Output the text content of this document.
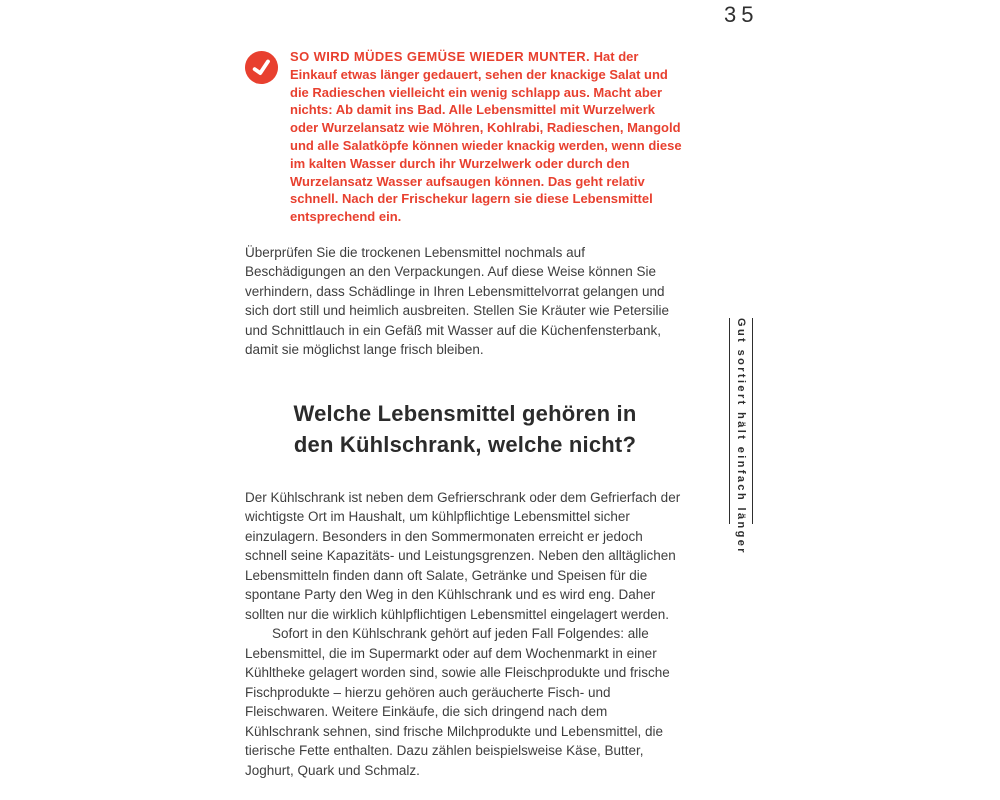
35

SO WIRD MÜDES GEMÜSE WIEDER MUNTER. Hat der Einkauf etwas länger gedauert, sehen der knackige Salat und die Radieschen vielleicht ein wenig schlapp aus. Macht aber nichts: Ab damit ins Bad. Alle Lebensmittel mit Wurzelwerk oder Wurzelansatz wie Möhren, Kohlrabi, Radieschen, Mangold und alle Salatköpfe können wieder knackig werden, wenn diese im kalten Wasser durch ihr Wurzelwerk oder durch den Wurzelansatz Wasser aufsaugen können. Das geht relativ schnell. Nach der Frischekur lagern sie diese Lebensmittel entsprechend ein.

Überprüfen Sie die trockenen Lebensmittel nochmals auf Beschädigungen an den Verpackungen. Auf diese Weise können Sie verhindern, dass Schädlinge in Ihren Lebensmittelvorrat gelangen und sich dort still und heimlich ausbreiten. Stellen Sie Kräuter wie Petersilie und Schnittlauch in ein Gefäß mit Wasser auf die Küchenfensterbank, damit sie möglichst lange frisch bleiben.

Welche Lebensmittel gehören in
den Kühlschrank, welche nicht?

Der Kühlschrank ist neben dem Gefrierschrank oder dem Gefrierfach der wichtigste Ort im Haushalt, um kühlpflichtige Lebensmittel sicher einzulagern. Besonders in den Sommermonaten erreicht er jedoch schnell seine Kapazitäts- und Leistungsgrenzen. Neben den alltäglichen Lebensmitteln finden dann oft Salate, Getränke und Speisen für die spontane Party den Weg in den Kühlschrank und es wird eng. Daher sollten nur die wirklich kühlpflichtigen Lebensmittel eingelagert werden.

Sofort in den Kühlschrank gehört auf jeden Fall Folgendes: alle Lebensmittel, die im Supermarkt oder auf dem Wochenmarkt in einer Kühltheke gelagert worden sind, sowie alle Fleischprodukte und frische Fischprodukte – hierzu gehören auch geräucherte Fisch- und Fleischwaren. Weitere Einkäufe, die sich dringend nach dem Kühlschrank sehnen, sind frische Milchprodukte und Lebensmittel, die tierische Fette enthalten. Dazu zählen beispielsweise Käse, Butter, Joghurt, Quark und Schmalz.

Gut sortiert hält einfach länger
